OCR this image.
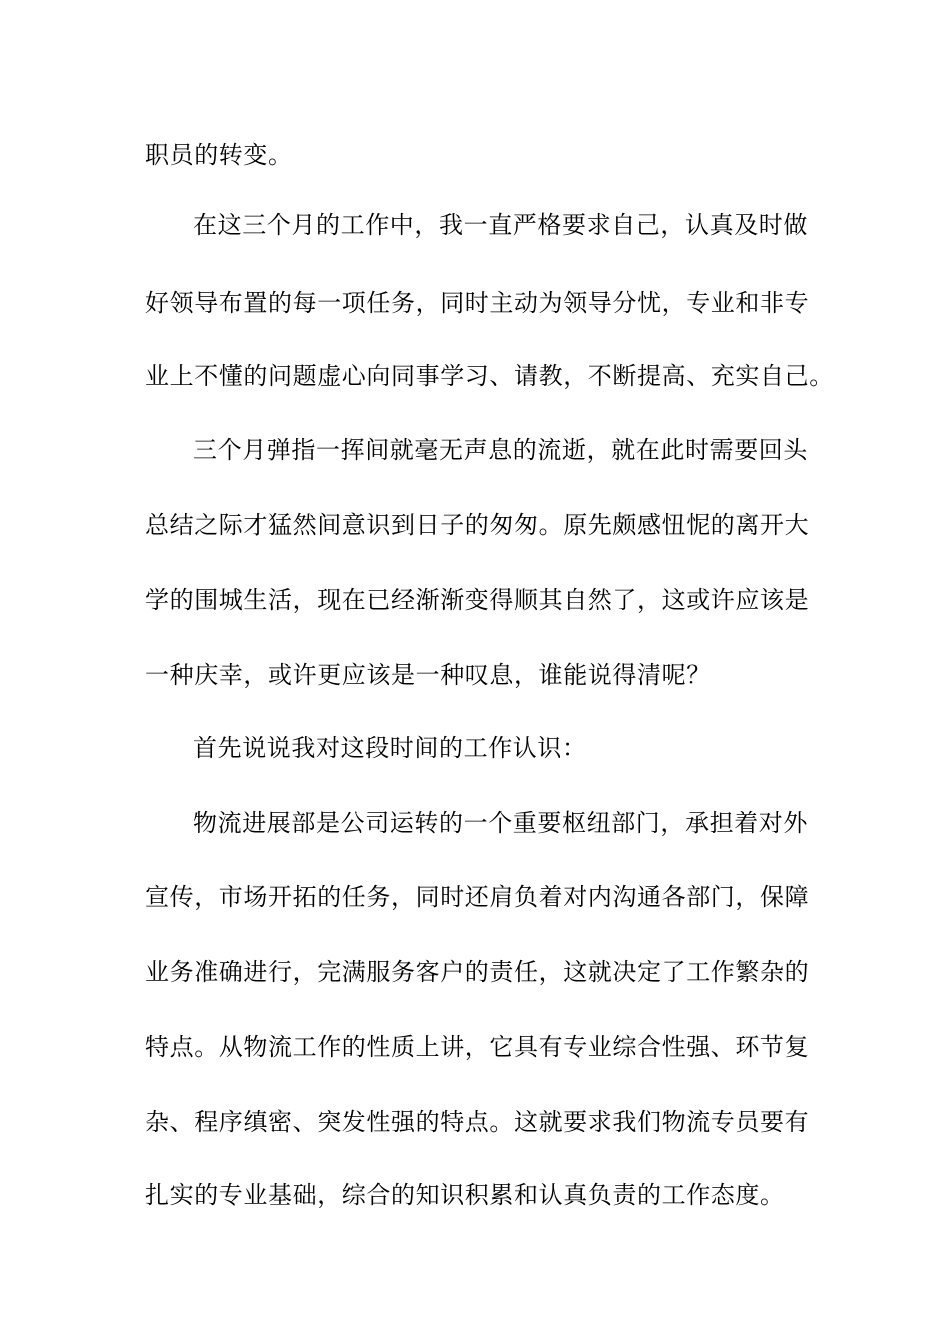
职员的转变。
在这三个月的工作中，我一直严格要求自己，认真及时做
好领导布置的每一项任务，同时主动为领导分忧，专业和非专
业上不懂的问题虚心向同事学习、请教，不断提高、充实自己。
三个月弹指一挥间就毫无声息的流逝，就在此时需要回头
总结之际才猛然间意识到日子的匆匆。原先颇感忸怩的离开大
学的围城生活，现在已经渐渐变得顺其自然了，这或许应该是
一种庆幸，或许更应该是一种叹息，谁能说得清呢？
首先说说我对这段时间的工作认识：
物流进展部是公司运转的一个重要枢纽部门，承担着对外
宣传，市场开拓的任务，同时还肩负着对内沟通各部门，保障
业务准确进行，完满服务客户的责任，这就决定了工作繁杂的
特点。从物流工作的性质上讲，它具有专业综合性强、环节复
杂、程序缜密、突发性强的特点。这就要求我们物流专员要有
扎实的专业基础，综合的知识积累和认真负责的工作态度。
